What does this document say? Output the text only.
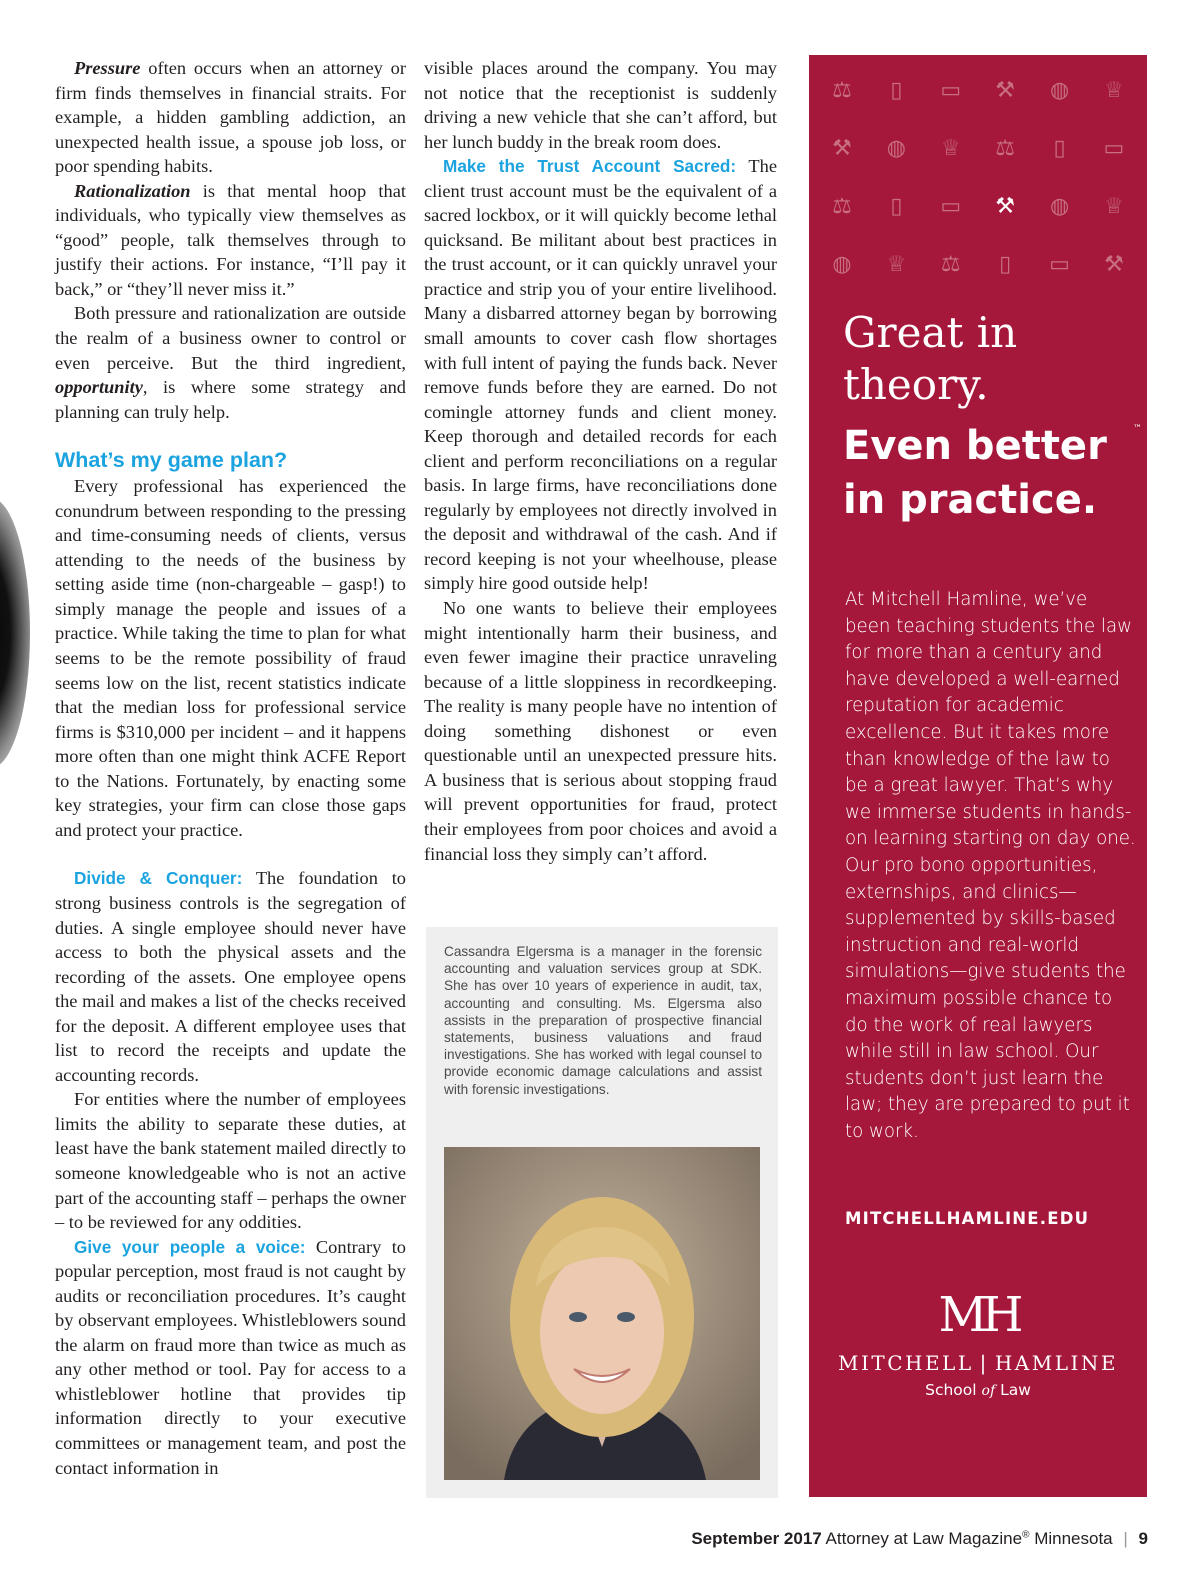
Pressure often occurs when an attorney or firm finds themselves in financial straits. For example, a hidden gambling addiction, an unexpected health issue, a spouse job loss, or poor spending habits.

Rationalization is that mental hoop that individuals, who typically view themselves as “good” people, talk themselves through to justify their actions. For instance, “I’ll pay it back,” or “they’ll never miss it.”

Both pressure and rationalization are outside the realm of a business owner to control or even perceive. But the third ingredient, opportunity, is where some strategy and planning can truly help.

What’s my game plan?

Every professional has experienced the conundrum between responding to the pressing and time-consuming needs of clients, versus attending to the needs of the business by setting aside time (non-chargeable – gasp!) to simply manage the people and issues of a practice. While taking the time to plan for what seems to be the remote possibility of fraud seems low on the list, recent statistics indicate that the median loss for professional service firms is $310,000 per incident – and it happens more often than one might think ACFE Report to the Nations. Fortunately, by enacting some key strategies, your firm can close those gaps and protect your practice.

Divide & Conquer: The foundation to strong business controls is the segregation of duties. A single employee should never have access to both the physical assets and the recording of the assets. One employee opens the mail and makes a list of the checks received for the deposit. A different employee uses that list to record the receipts and update the accounting records.

For entities where the number of employees limits the ability to separate these duties, at least have the bank statement mailed directly to someone knowledgeable who is not an active part of the accounting staff – perhaps the owner – to be reviewed for any oddities.

Give your people a voice: Contrary to popular perception, most fraud is not caught by audits or reconciliation procedures. It’s caught by observant employees. Whistleblowers sound the alarm on fraud more than twice as much as any other method or tool. Pay for access to a whistleblower hotline that provides tip information directly to your executive committees or management team, and post the contact information in

visible places around the company. You may not notice that the receptionist is suddenly driving a new vehicle that she can’t afford, but her lunch buddy in the break room does.

Make the Trust Account Sacred: The client trust account must be the equivalent of a sacred lockbox, or it will quickly become lethal quicksand. Be militant about best practices in the trust account, or it can quickly unravel your practice and strip you of your entire livelihood. Many a disbarred attorney began by borrowing small amounts to cover cash flow shortages with full intent of paying the funds back. Never remove funds before they are earned. Do not comingle attorney funds and client money. Keep thorough and detailed records for each client and perform reconciliations on a regular basis. In large firms, have reconciliations done regularly by employees not directly involved in the deposit and withdrawal of the cash. And if record keeping is not your wheelhouse, please simply hire good outside help!

No one wants to believe their employees might intentionally harm their business, and even fewer imagine their practice unraveling because of a little sloppiness in recordkeeping. The reality is many people have no intention of doing something dishonest or even questionable until an unexpected pressure hits. A business that is serious about stopping fraud will prevent opportunities for fraud, protect their employees from poor choices and avoid a financial loss they simply can’t afford.

Cassandra Elgersma is a manager in the forensic accounting and valuation services group at SDK. She has over 10 years of experience in audit, tax, accounting and consulting. Ms. Elgersma also assists in the preparation of prospective financial statements, business valuations and fraud investigations. She has worked with legal counsel to provide economic damage calculations and assist with forensic investigations.
⚖	▯	▭	⚒	◍	♕
⚒	◍	♕	⚖	▯	▭
⚖	▯	▭	⚒	◍	♕
◍	♕	⚖	▯	▭	⚒
Great in theory.
Even better in practice.™
At Mitchell Hamline, we’ve been teaching students the law for more than a century and have developed a well-earned reputation for academic excellence. But it takes more than knowledge of the law to be a great lawyer. That’s why we immerse students in hands-on learning starting on day one. Our pro bono opportunities, externships, and clinics—supplemented by skills-based instruction and real-world simulations—give students the maximum possible chance to do the work of real lawyers while still in law school. Our students don’t just learn the law; they are prepared to put it to work.
MITCHELLHAMLINE.EDU
MH
MITCHELL | HAMLINE
School of Law
September 2017 Attorney at Law Magazine® Minnesota | 9
